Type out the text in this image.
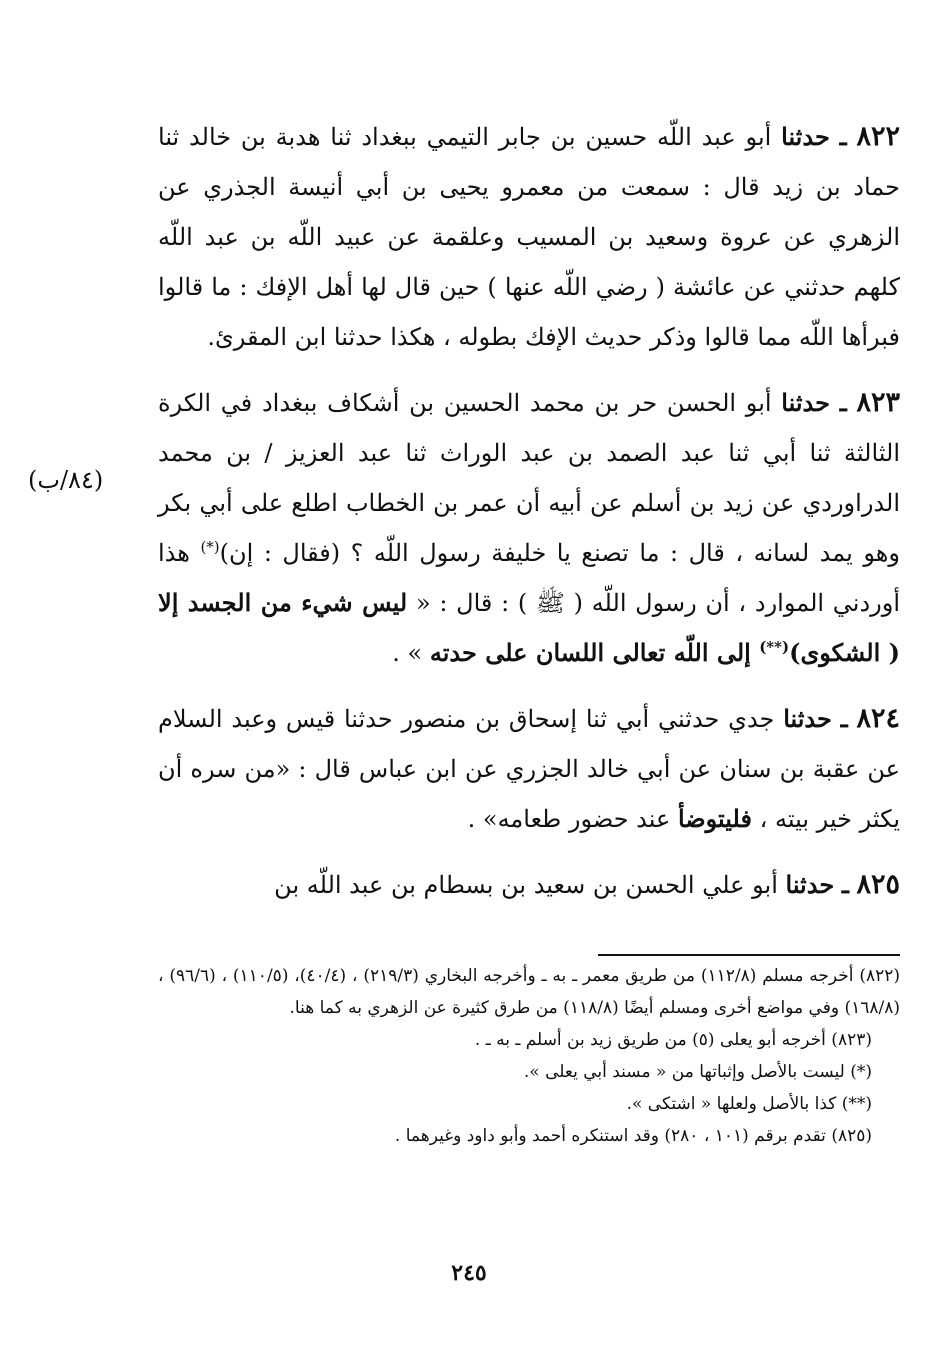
٨٢٢ ـ حدثنا أبو عبد اللّه حسين بن جابر التيمي ببغداد ثنا هدبة بن خالد ثنا حماد بن زيد قال : سمعت من معمرو يحيى بن أبي أنيسة الجذري عن الزهري عن عروة وسعيد بن المسيب وعلقمة عن عبيد اللّه بن عبد اللّه كلهم حدثني عن عائشة ( رضي اللّه عنها ) حين قال لها أهل الإفك : ما قالوا فبرأها اللّه مما قالوا وذكر حديث الإفك بطوله ، هكذا حدثنا ابن المقرئ.

٨٢٣ ـ حدثنا أبو الحسن حر بن محمد الحسين بن أشكاف ببغداد في الكرة الثالثة ثنا أبي ثنا عبد الصمد بن عبد الوراث ثنا عبد العزيز / بن محمد الدراوردي عن زيد بن أسلم عن أبيه أن عمر بن الخطاب اطلع على أبي بكر وهو يمد لسانه ، قال : ما تصنع يا خليفة رسول اللّه ؟ (فقال : إن)(*) هذا أوردني الموارد ، أن رسول اللّه ( ﷺ ) : قال : « ليس شيء من الجسد إلا ( الشكوى)(**) إلى اللّه تعالى اللسان على حدته » .

٨٢٤ ـ حدثنا جدي حدثني أبي ثنا إسحاق بن منصور حدثنا قيس وعبد السلام عن عقبة بن سنان عن أبي خالد الجزري عن ابن عباس قال : «من سره أن يكثر خير بيته ، فليتوضأ عند حضور طعامه» .

٨٢٥ ـ حدثنا أبو علي الحسن بن سعيد بن بسطام بن عبد اللّه بن

(٨٤/ب)

(٨٢٢) أخرجه مسلم (١١٢/٨) من طريق معمر ـ به ـ وأخرجه البخاري (٢١٩/٣) ، (٤٠/٤)، (١١٠/٥) ، (٩٦/٦) ، (١٦٨/٨) وفي مواضع أخرى ومسلم أيضًا (١١٨/٨) من طرق كثيرة عن الزهري به كما هنا.

(٨٢٣) أخرجه أبو يعلى (٥) من طريق زيد بن أسلم ـ به ـ .

(*) ليست بالأصل وإثباتها من « مسند أبي يعلى ».

(**) كذا بالأصل ولعلها « اشتكى ».

(٨٢٥) تقدم برقم (١٠١ ، ٢٨٠) وقد استنكره أحمد وأبو داود وغيرهما .

٢٤٥
